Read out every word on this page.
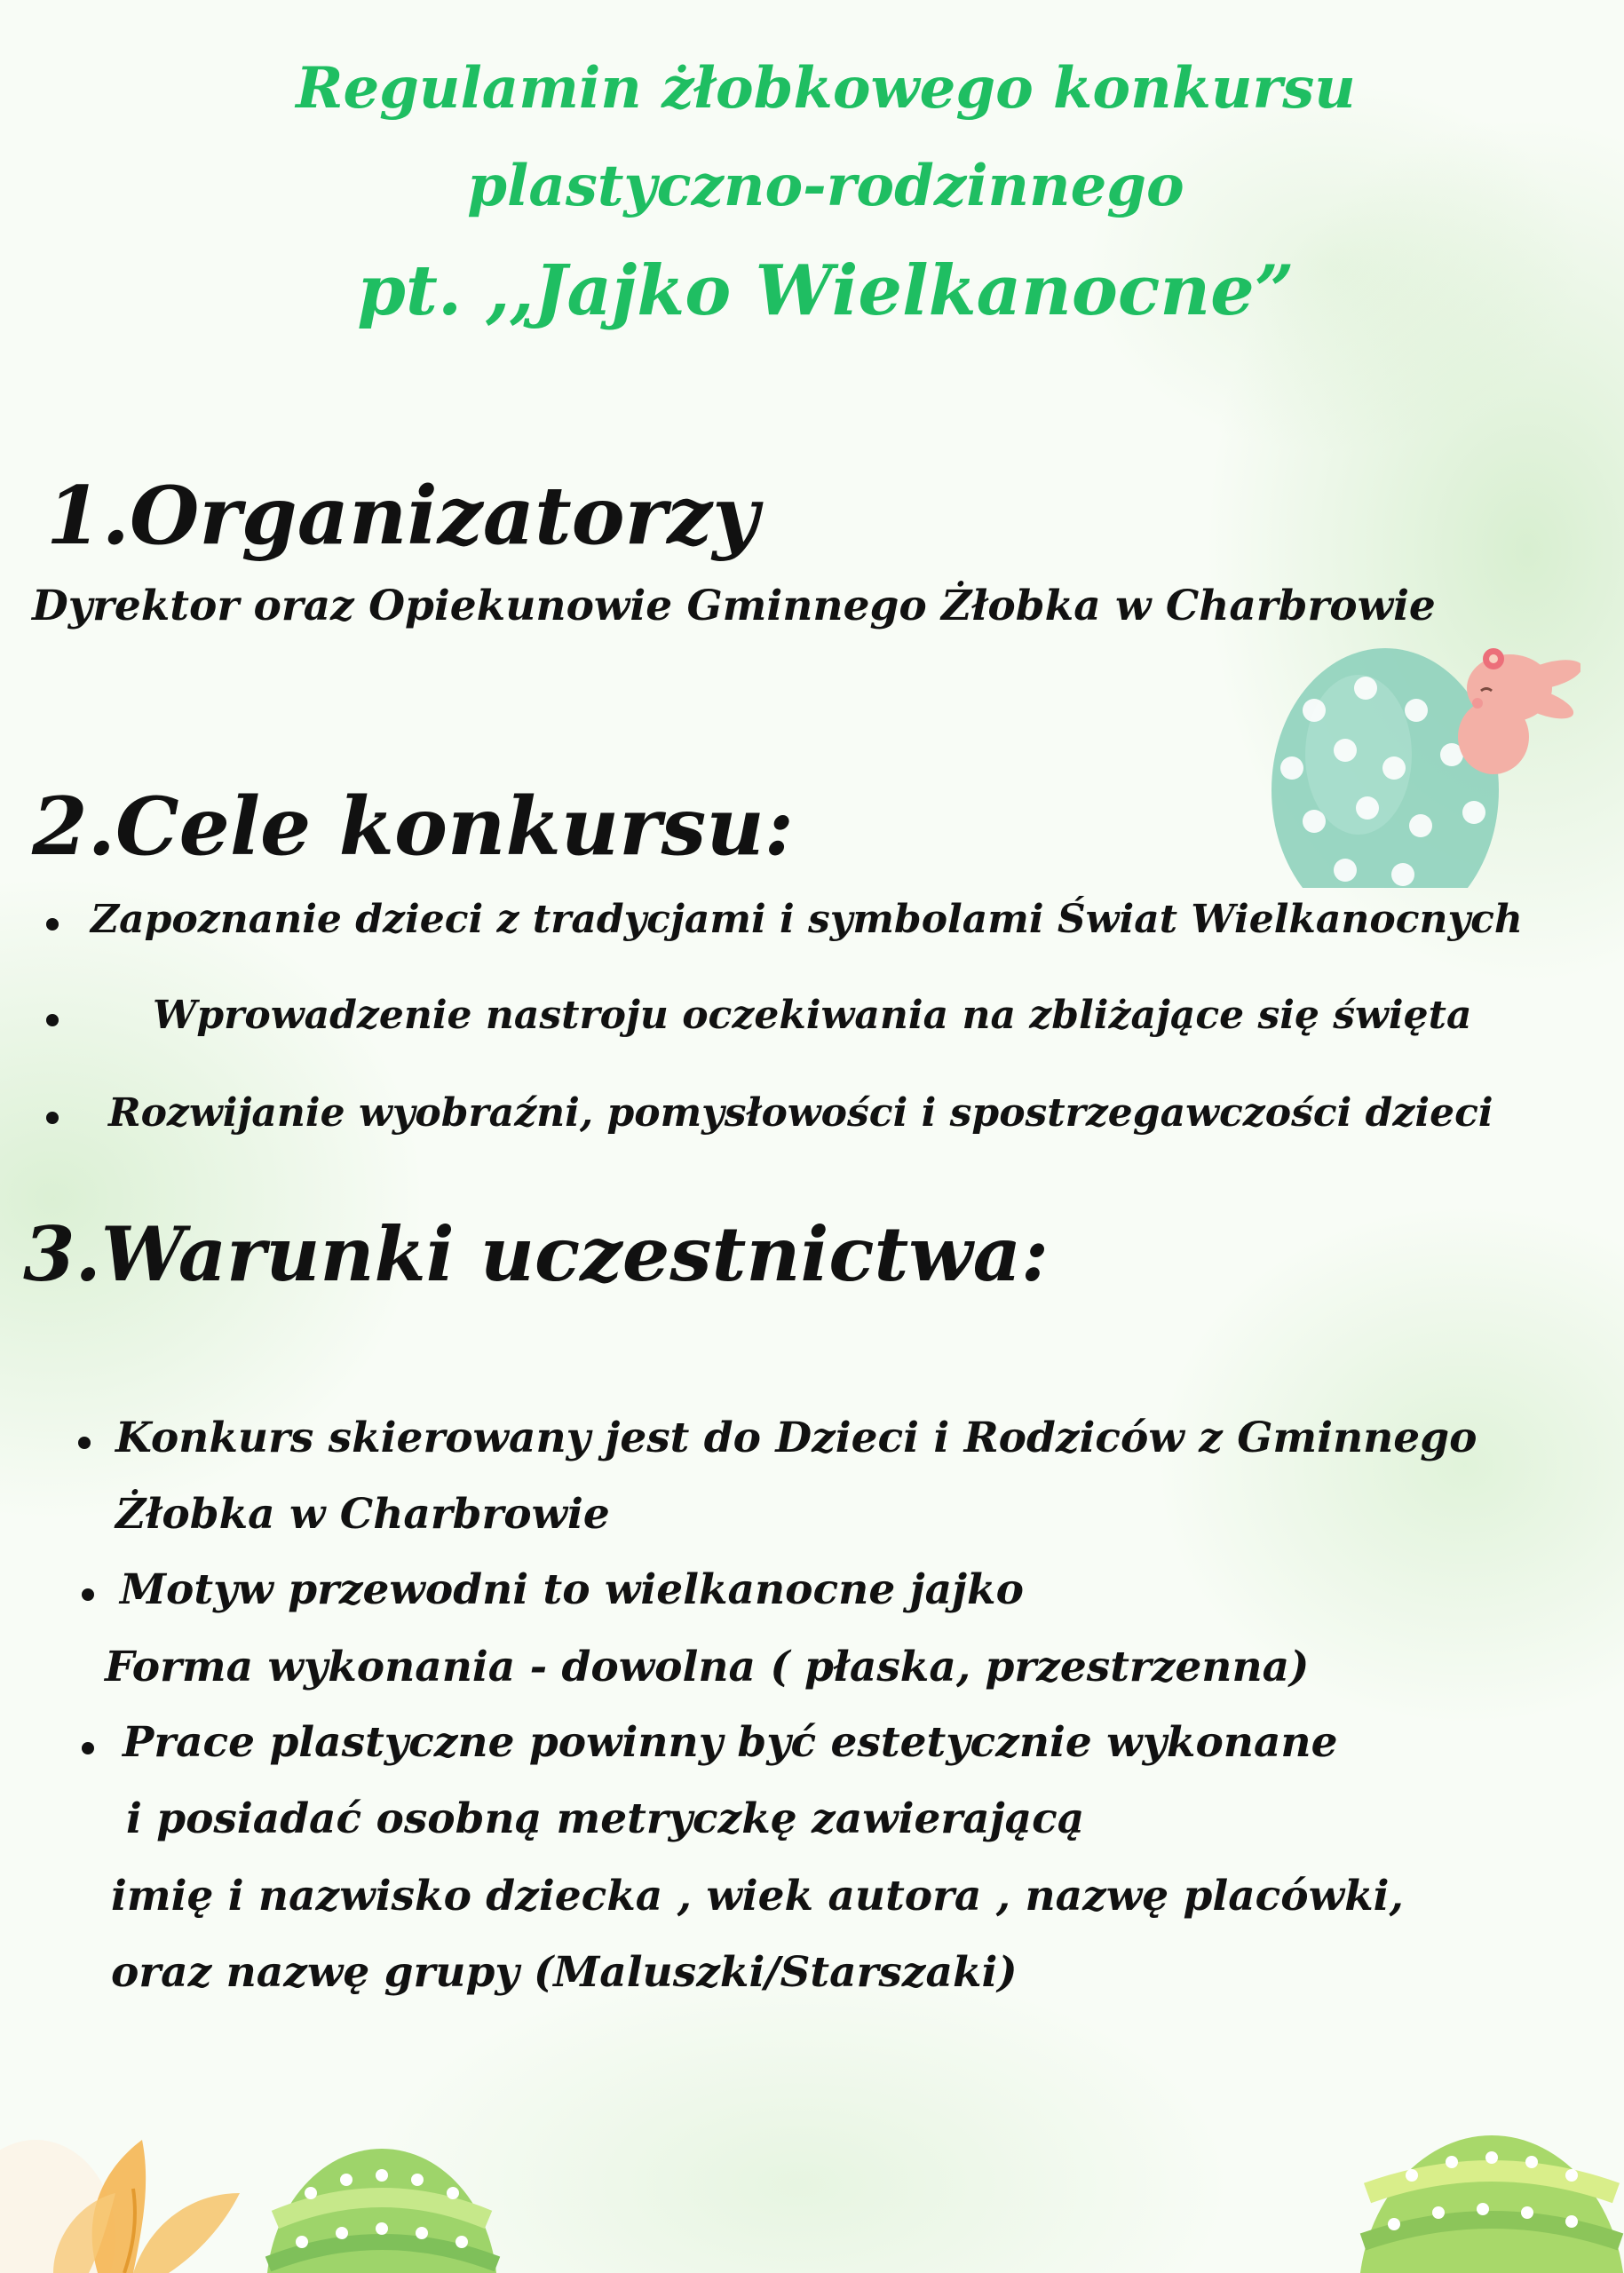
Regulamin żłobkowego konkursu
plastyczno-rodzinnego
pt. ,,Jajko Wielkanocne”
1.Organizatorzy
Dyrektor oraz Opiekunowie Gminnego Żłobka w Charbrowie
2.Cele konkursu:
Zapoznanie dzieci z tradycjami i symbolami Świat Wielkanocnych
Wprowadzenie nastroju oczekiwania na zbliżające się święta
Rozwijanie wyobraźni, pomysłowości i spostrzegawczości dzieci
3.Warunki uczestnictwa:
Konkurs skierowany jest do Dzieci i Rodziców z Gminnego
Żłobka w Charbrowie
Motyw przewodni to wielkanocne jajko
Forma wykonania - dowolna ( płaska, przestrzenna)
Prace plastyczne powinny być estetycznie wykonane
i posiadać osobną metryczkę zawierającą
imię i nazwisko dziecka , wiek autora , nazwę placówki,
oraz nazwę grupy (Maluszki/Starszaki)
